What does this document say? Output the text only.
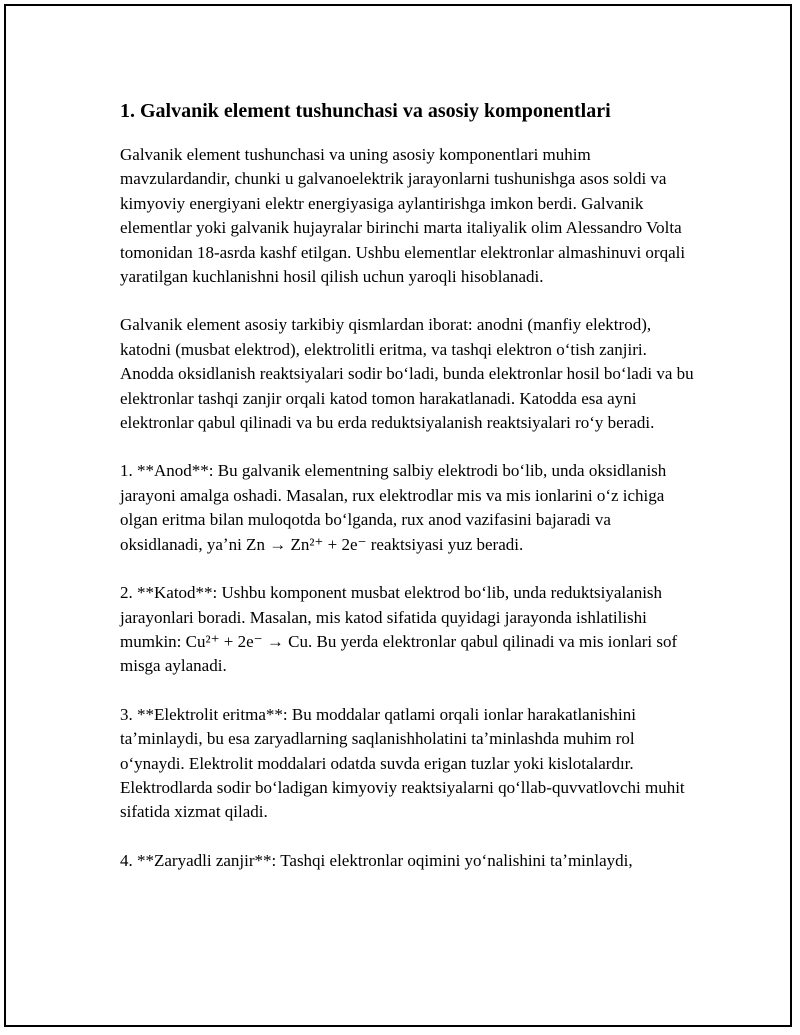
1. Galvanik element tushunchasi va asosiy komponentlari

Galvanik element tushunchasi va uning asosiy komponentlari muhim mavzulardandir, chunki u galvanoelektrik jarayonlarni tushunishga asos soldi va kimyoviy energiyani elektr energiyasiga aylantirishga imkon berdi. Galvanik elementlar yoki galvanik hujayralar birinchi marta italiyalik olim Alessandro Volta tomonidan 18-asrda kashf etilgan. Ushbu elementlar elektronlar almashinuvi orqali yaratilgan kuchlanishni hosil qilish uchun yaroqli hisoblanadi.

Galvanik element asosiy tarkibiy qismlardan iborat: anodni (manfiy elektrod), katodni (musbat elektrod), elektrolitli eritma, va tashqi elektron oʻtish zanjiri. Anodda oksidlanish reaktsiyalari sodir boʻladi, bunda elektronlar hosil boʻladi va bu elektronlar tashqi zanjir orqali katod tomon harakatlanadi. Katodda esa ayni elektronlar qabul qilinadi va bu erda reduktsiyalanish reaktsiyalari roʻy beradi.

1. **Anod**: Bu galvanik elementning salbiy elektrodi boʻlib, unda oksidlanish jarayoni amalga oshadi. Masalan, rux elektrodlar mis va mis ionlarini oʻz ichiga olgan eritma bilan muloqotda boʻlganda, rux anod vazifasini bajaradi va oksidlanadi, yaʼni Zn → Zn²⁺ + 2e⁻ reaktsiyasi yuz beradi.

2. **Katod**: Ushbu komponent musbat elektrod boʻlib, unda reduktsiyalanish jarayonlari boradi. Masalan, mis katod sifatida quyidagi jarayonda ishlatilishi mumkin: Cu²⁺ + 2e⁻ → Cu. Bu yerda elektronlar qabul qilinadi va mis ionlari sof misga aylanadi.

3. **Elektrolit eritma**: Bu moddalar qatlami orqali ionlar harakatlanishini taʼminlaydi, bu esa zaryadlarning saqlanishholatini taʼminlashda muhim rol oʻynaydi. Elektrolit moddalari odatda suvda erigan tuzlar yoki kislotalardır. Elektrodlarda sodir boʻladigan kimyoviy reaktsiyalarni qoʻllab-quvvatlovchi muhit sifatida xizmat qiladi.

4. **Zaryadli zanjir**: Tashqi elektronlar oqimini yoʻnalishini taʼminlaydi,
